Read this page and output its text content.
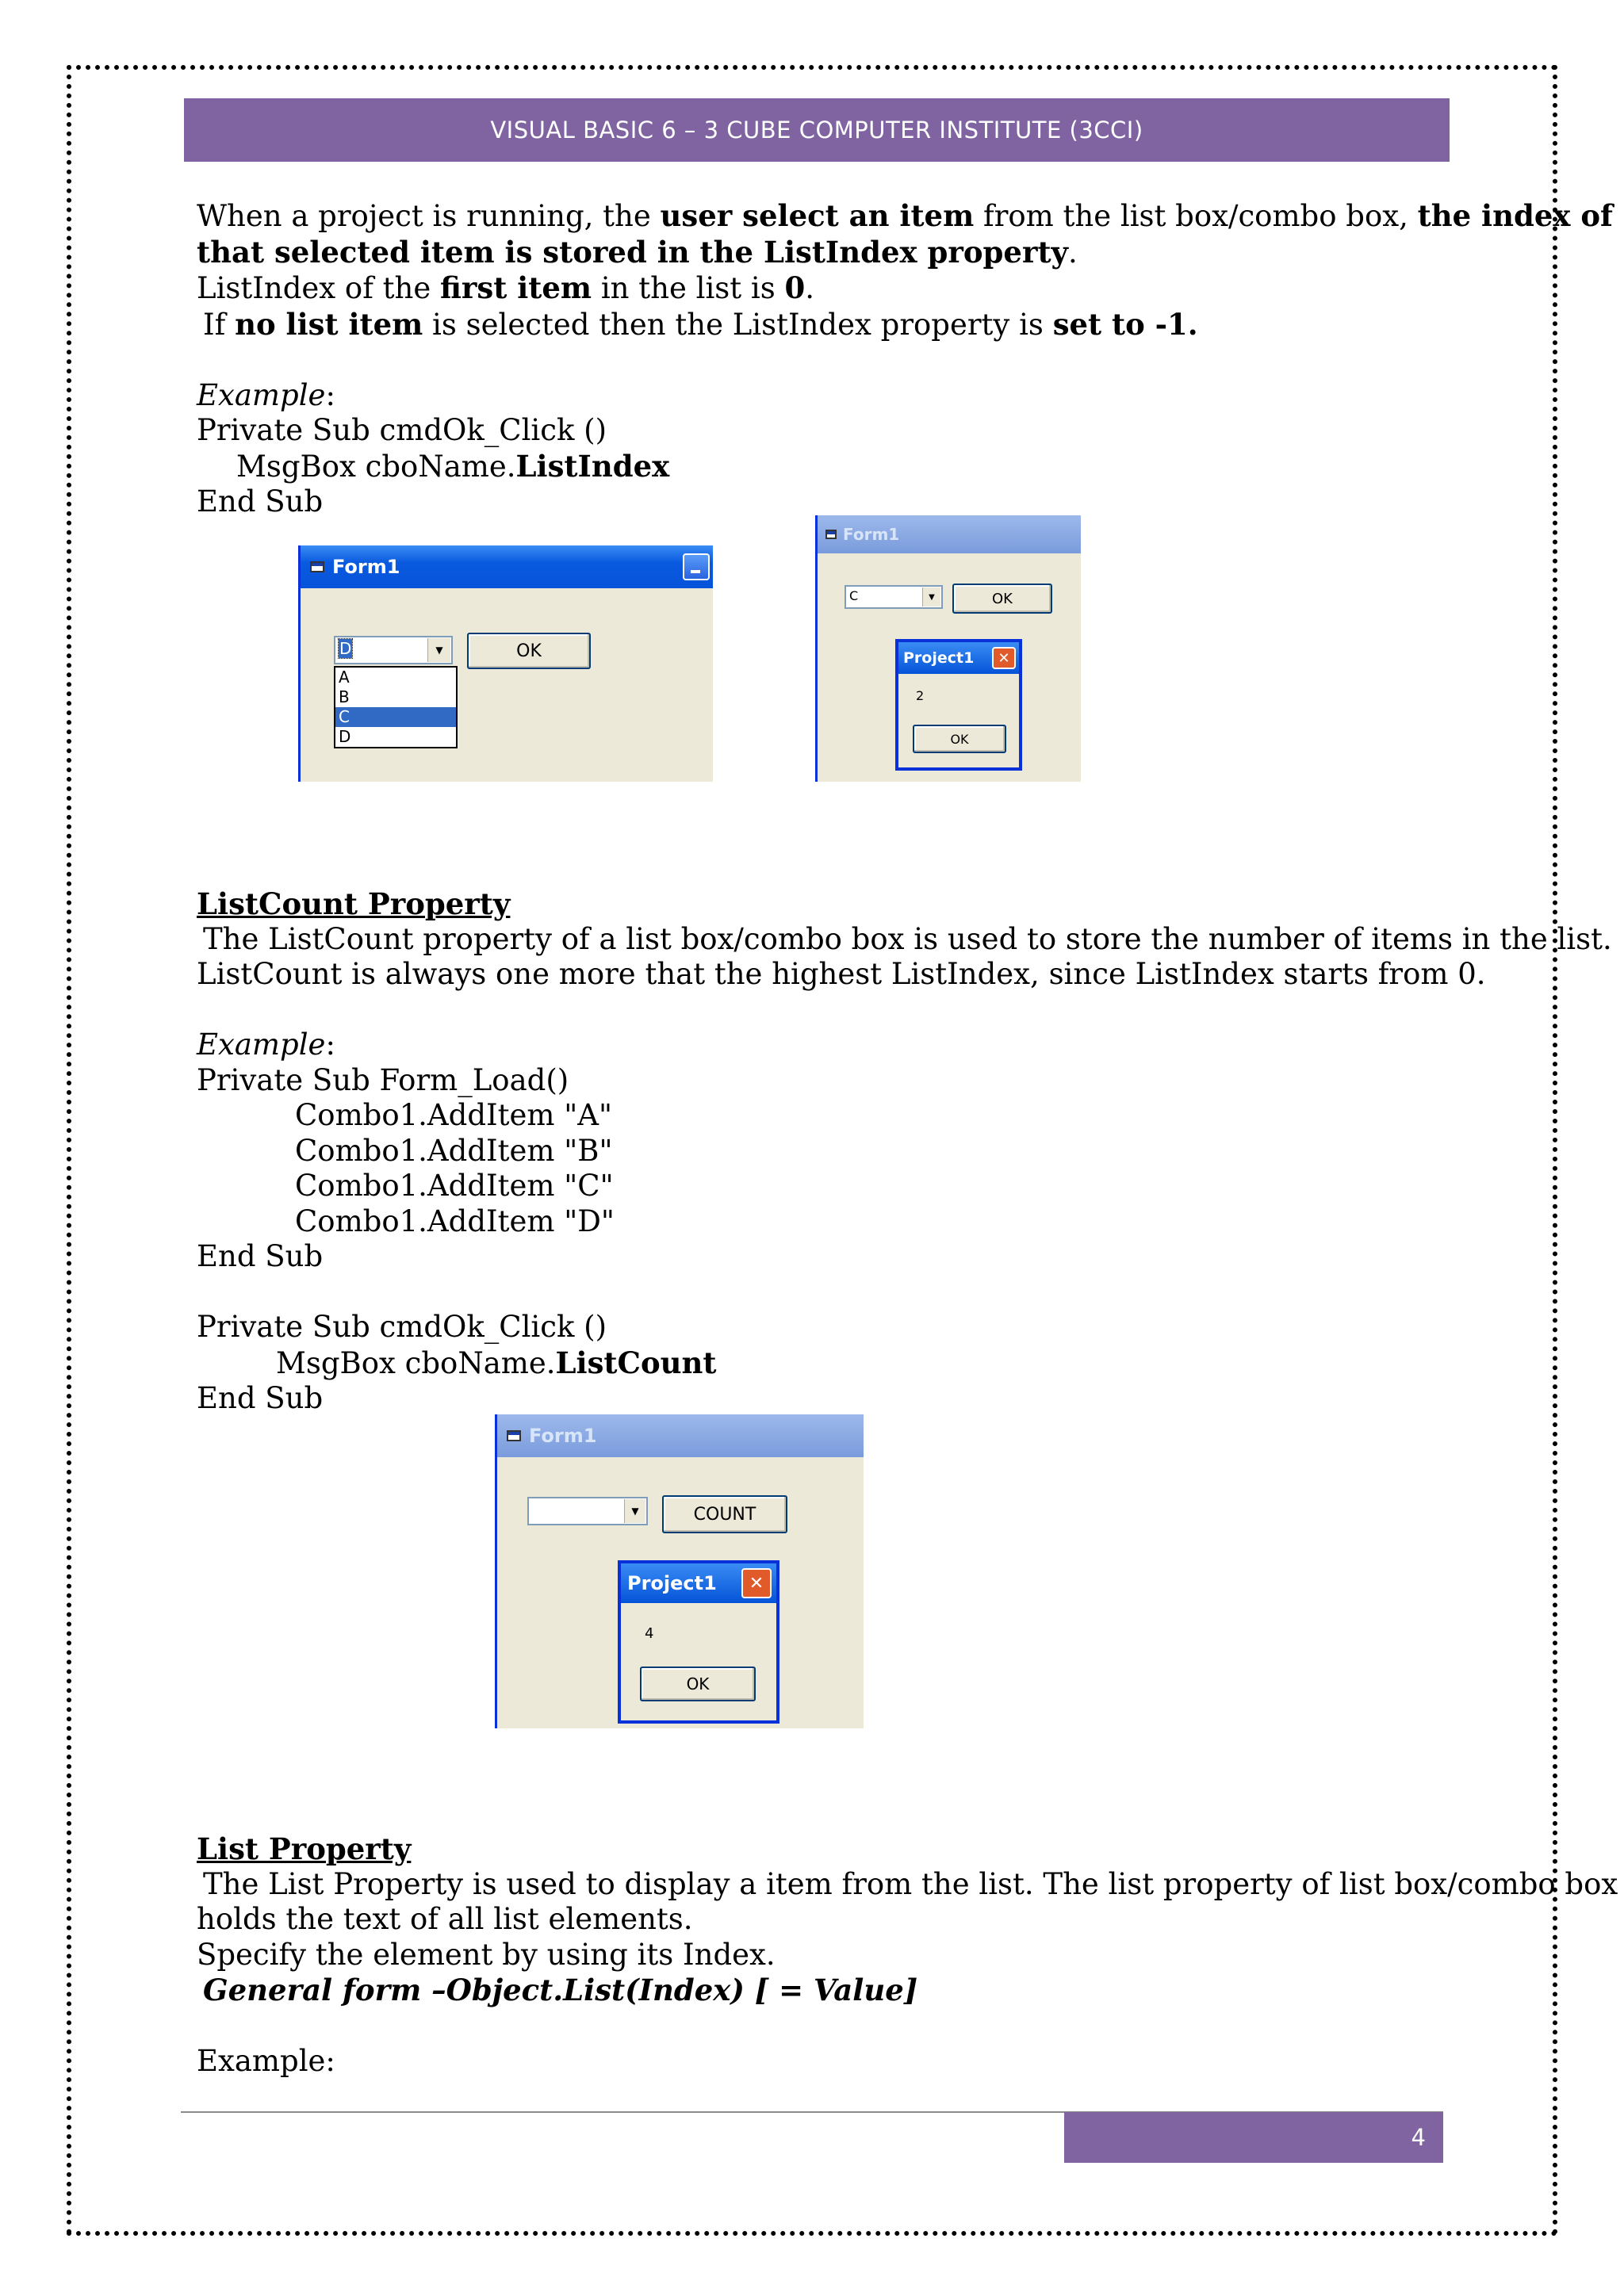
VISUAL BASIC 6 – 3 CUBE COMPUTER INSTITUTE (3CCI)

When a project is running, the user select an item from the list box/combo box, the index of

that selected item is stored in the ListIndex property.

ListIndex of the first item in the list is 0.

If no list item is selected then the ListIndex property is set to -1.

Example:

Private Sub cmdOk_Click ()

MsgBox cboName.ListIndex

End Sub

Form1
D	▼
A
B
C
D
OK
Form1
C	▼	OK
Project1	✕
2
OK

ListCount Property

The ListCount property of a list box/combo box is used to store the number of items in the list.

ListCount is always one more that the highest ListIndex, since ListIndex starts from 0.

Example:

Private Sub Form_Load()

Combo1.AddItem "A"

Combo1.AddItem "B"

Combo1.AddItem "C"

Combo1.AddItem "D"

End Sub

Private Sub cmdOk_Click ()

MsgBox cboName.ListCount

End Sub

Form1
▼	COUNT
Project1	✕
4
OK

List Property

The List Property is used to display a item from the list. The list property of list box/combo box

holds the text of all list elements.

Specify the element by using its Index.

General form –Object.List(Index) [ = Value]

Example:

4
